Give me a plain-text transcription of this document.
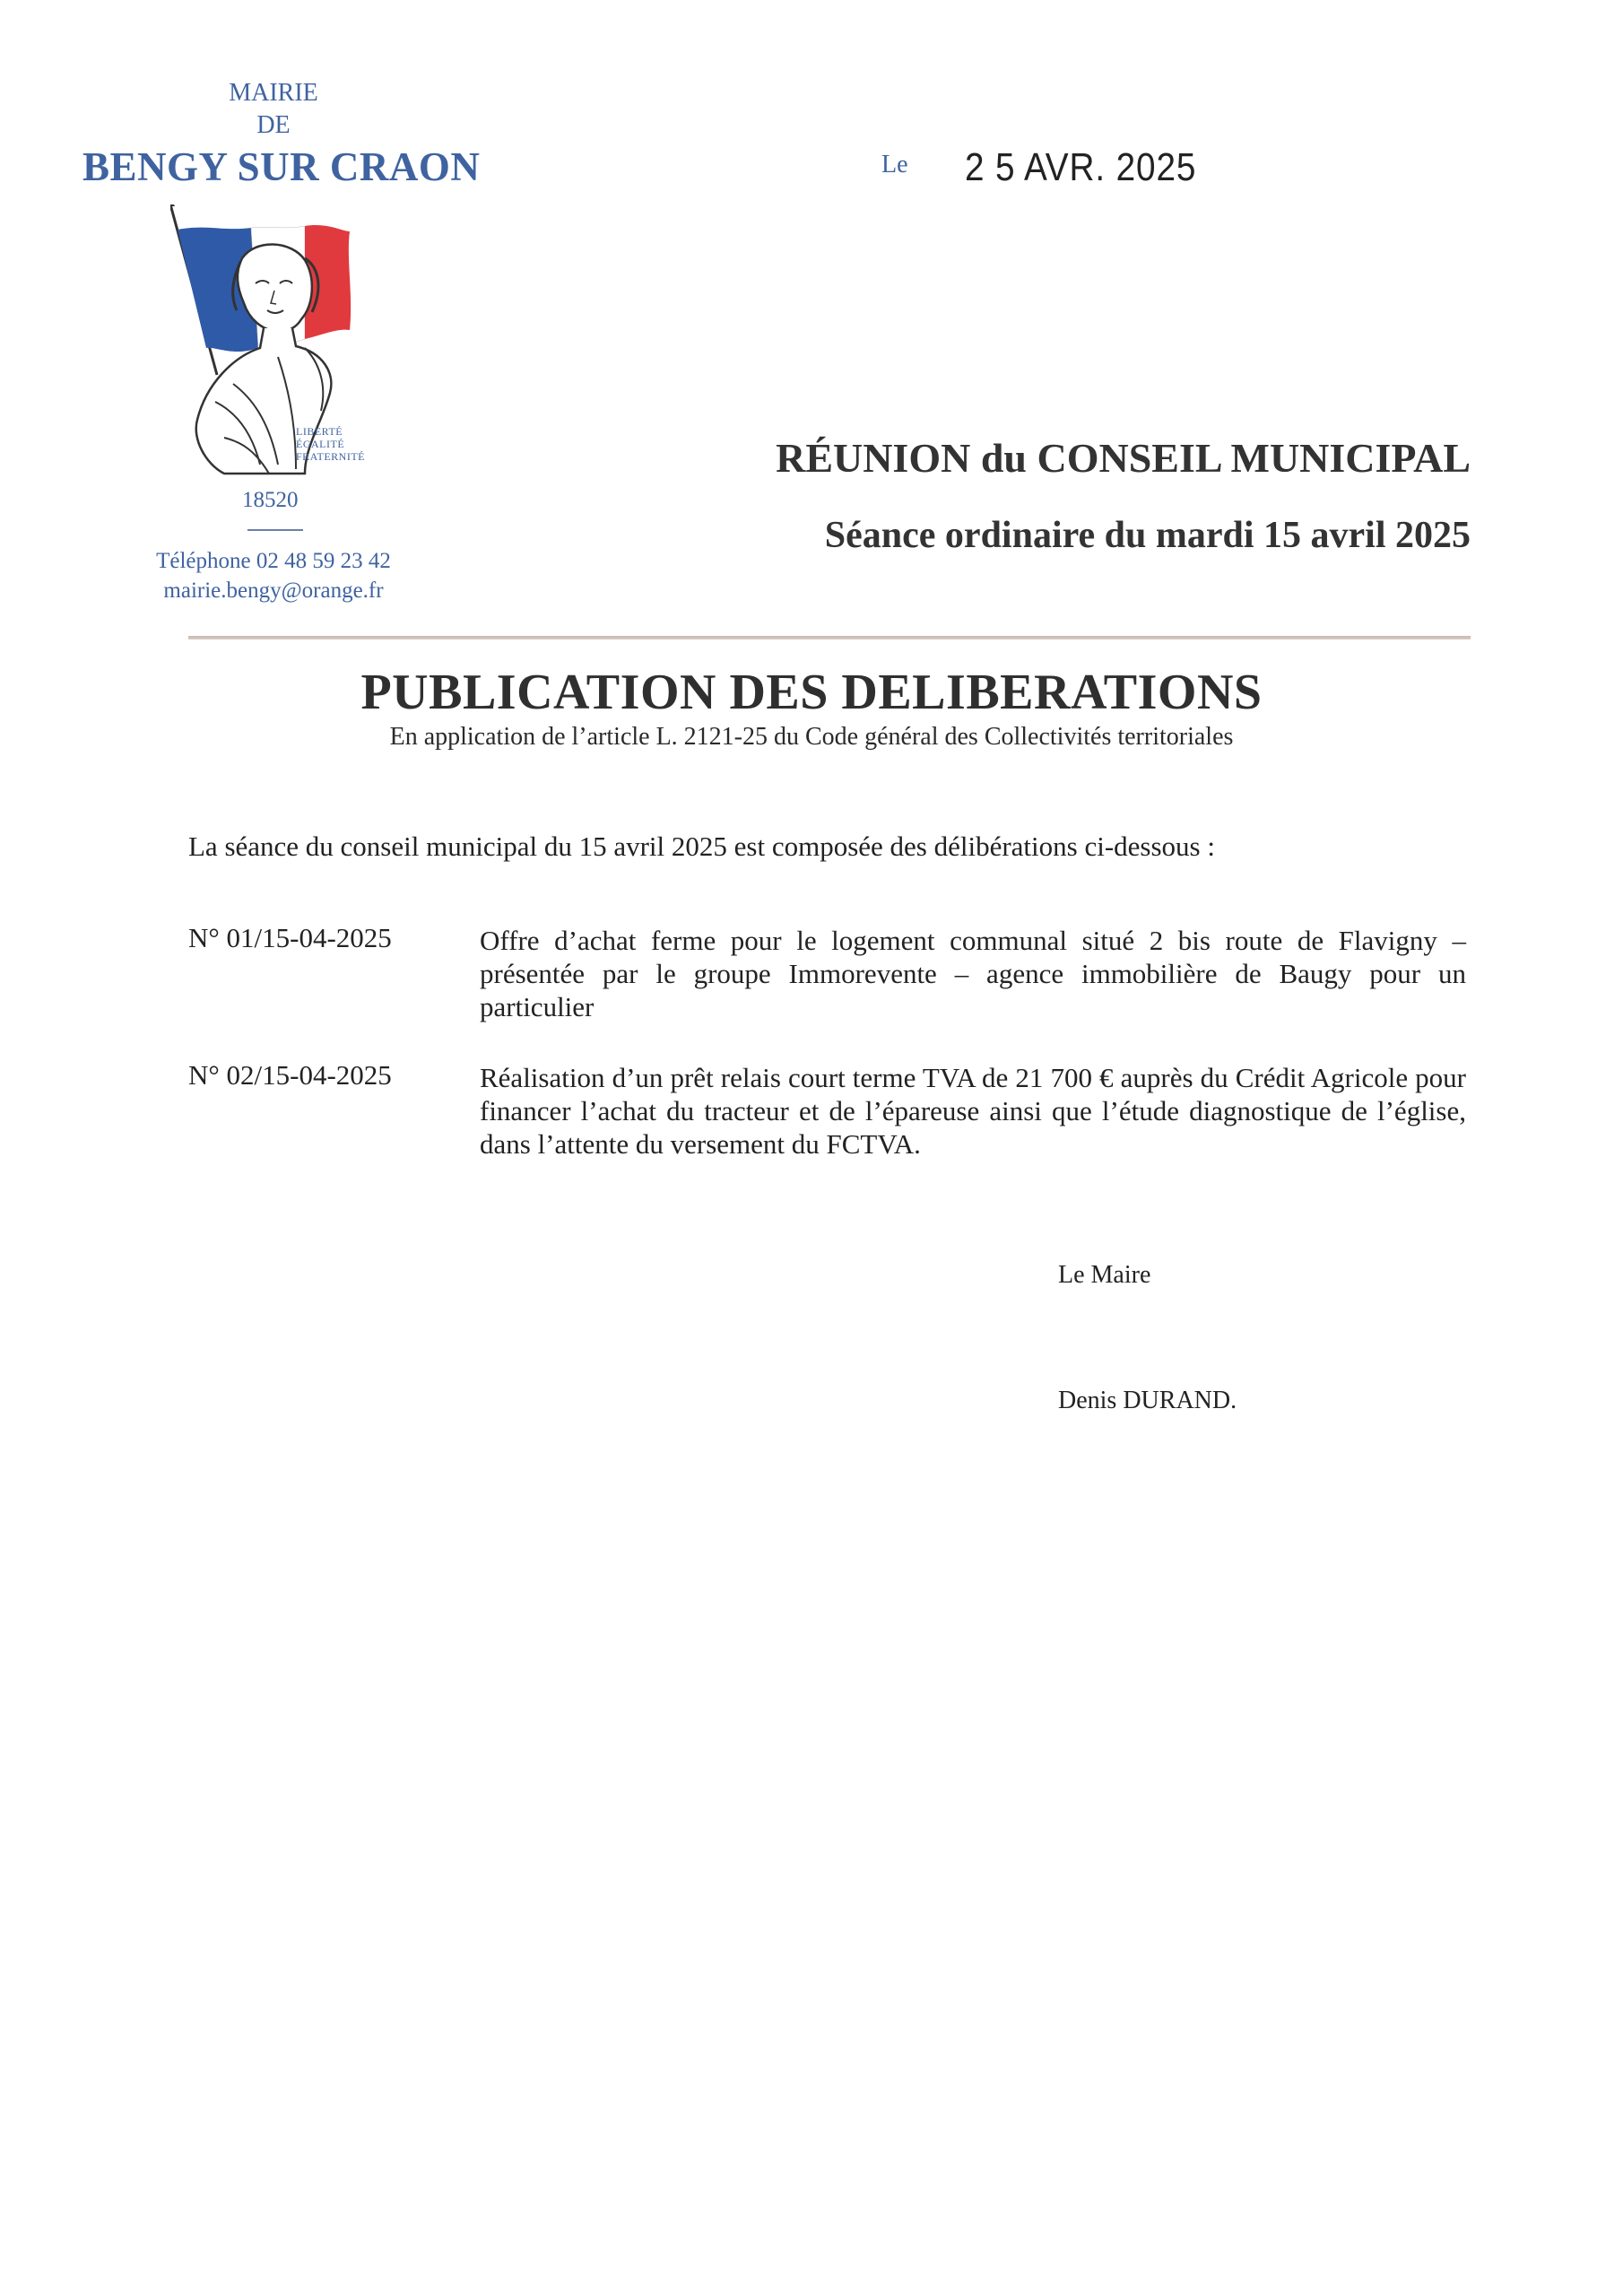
MAIRIE
DE
BENGY SUR CRAON
LIBERTÉ
ÉGALITÉ
FRATERNITÉ
18520
Téléphone 02 48 59 23 42
mairie.bengy@orange.fr
Le 2 5 AVR. 2025
RÉUNION du CONSEIL MUNICIPAL
Séance ordinaire du mardi 15 avril 2025
PUBLICATION DES DELIBERATIONS
En application de l’article L. 2121-25 du Code général des Collectivités territoriales
La séance du conseil municipal du 15 avril 2025 est composée des délibérations ci-dessous :
N° 01/15-04-2025	Offre d’achat ferme pour le logement communal situé 2 bis route de Flavigny – présentée par le groupe Immorevente – agence immobilière de Baugy pour un particulier
N° 02/15-04-2025	Réalisation d’un prêt relais court terme TVA de 21 700 € auprès du Crédit Agricole pour financer l’achat du tracteur et de l’épareuse ainsi que l’étude diagnostique de l’église, dans l’attente du versement du FCTVA.
Le Maire
Denis DURAND.
